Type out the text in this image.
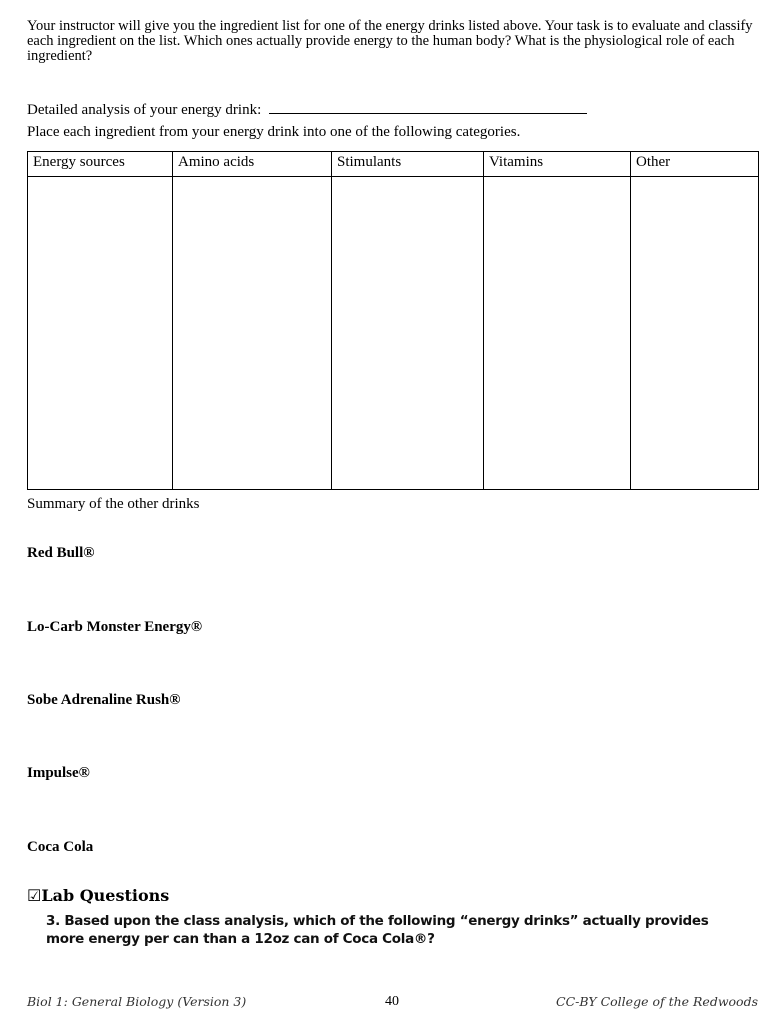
Your instructor will give you the ingredient list for one of the energy drinks listed above. Your task is to evaluate and classify each ingredient on the list. Which ones actually provide energy to the human body? What is the physiological role of each ingredient?
Detailed analysis of your energy drink:
Place each ingredient from your energy drink into one of the following categories.
Energy sources	Amino acids	Stimulants	Vitamins	Other

Summary of the other drinks
Red Bull®
Lo-Carb Monster Energy®
Sobe Adrenaline Rush®
Impulse®
Coca Cola
☑Lab Questions
3. Based upon the class analysis, which of the following “energy drinks” actually provides more energy per can than a 12oz can of Coca Cola®?
Biol 1: General Biology (Version 3)	40	CC-BY College of the Redwoods
